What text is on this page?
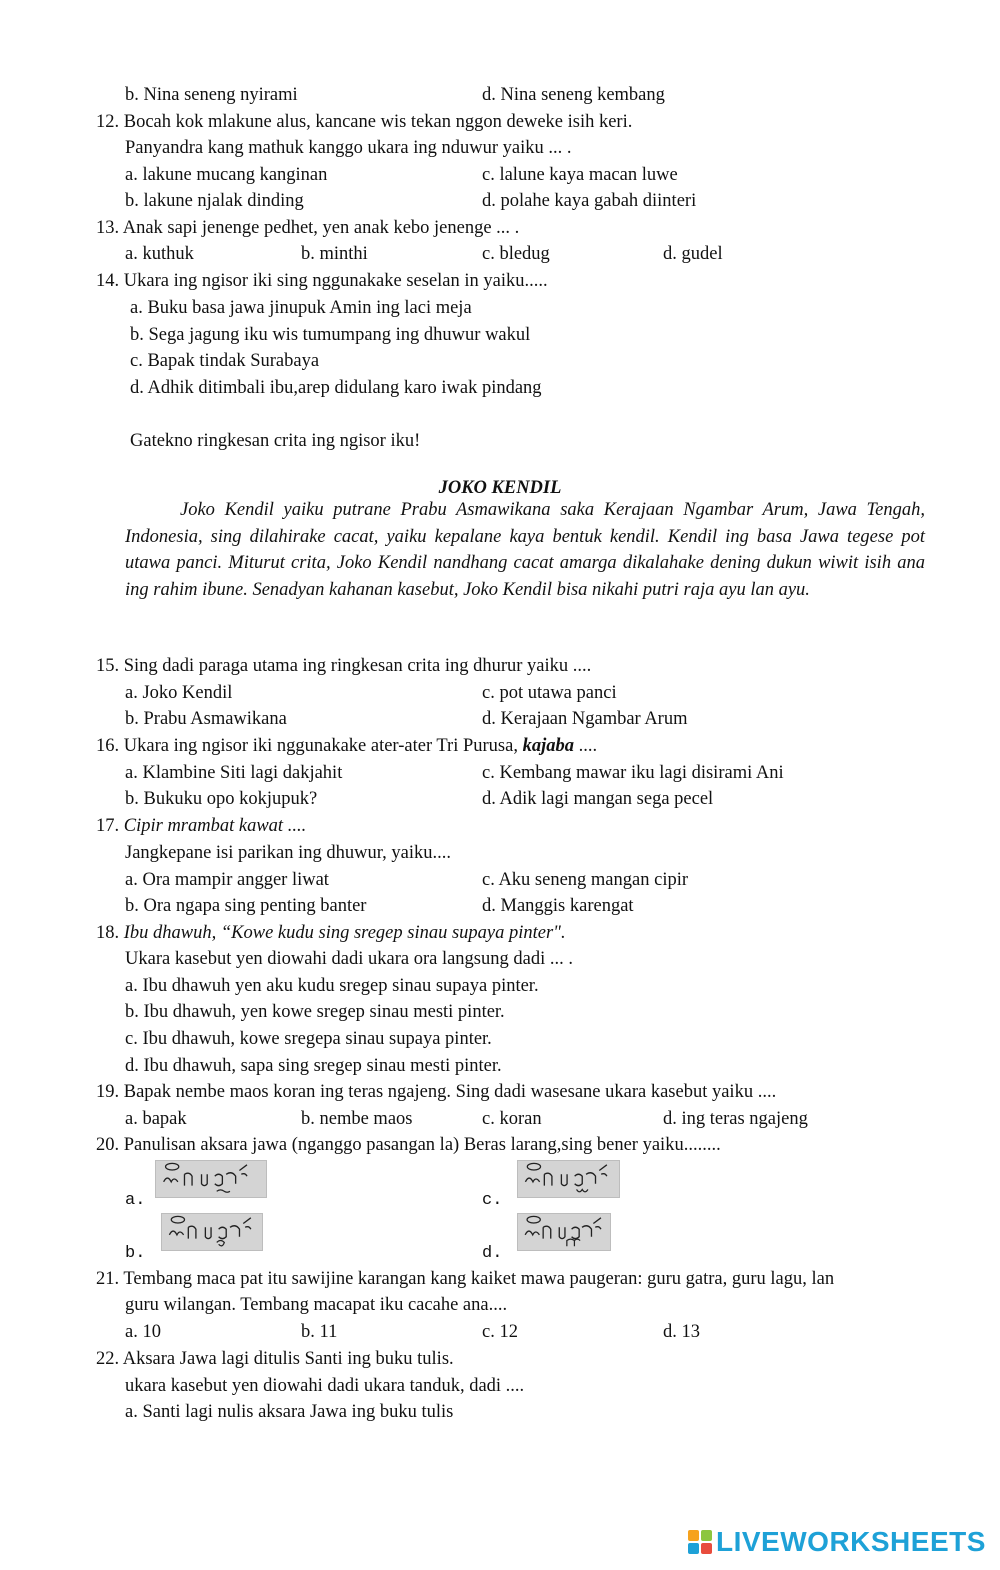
b. Nina seneng nyirami	d. Nina seneng kembang
12. Bocah kok mlakune alus, kancane wis tekan nggon deweke isih keri.
Panyandra kang mathuk kanggo ukara ing nduwur yaiku ... .
a. lakune mucang kanginan	c. lalune kaya macan luwe
b. lakune njalak dinding	d. polahe kaya gabah diinteri
13. Anak sapi jenenge pedhet, yen anak kebo jenenge ... .
a. kuthuk	b. minthi	c. bledug	d. gudel
14. Ukara ing ngisor iki sing nggunakake seselan in yaiku.....
a. Buku basa jawa jinupuk Amin ing laci meja
b. Sega jagung iku wis tumumpang ing dhuwur wakul
c. Bapak tindak Surabaya
d. Adhik ditimbali ibu,arep didulang karo iwak pindang
Gatekno ringkesan crita ing ngisor iku!
JOKO KENDIL
Joko Kendil yaiku putrane Prabu Asmawikana saka Kerajaan Ngambar Arum, Jawa Tengah, Indonesia, sing dilahirake cacat, yaiku kepalane kaya bentuk kendil. Kendil ing basa Jawa tegese pot utawa panci. Miturut crita, Joko Kendil nandhang cacat amarga dikalahake dening dukun wiwit isih ana ing rahim ibune. Senadyan kahanan kasebut, Joko Kendil bisa nikahi putri raja ayu lan ayu.
15. Sing dadi paraga utama ing ringkesan crita ing dhurur yaiku ....
a. Joko Kendil	c. pot utawa panci
b. Prabu Asmawikana	d. Kerajaan Ngambar Arum
16. Ukara ing ngisor iki nggunakake ater-ater Tri Purusa, kajaba ....
a. Klambine Siti lagi dakjahit	c. Kembang mawar iku lagi disirami Ani
b. Bukuku opo kokjupuk?	d. Adik lagi mangan sega pecel
17. Cipir mrambat kawat ....
Jangkepane isi parikan ing dhuwur, yaiku....
a. Ora mampir angger liwat	c. Aku seneng mangan cipir
b. Ora ngapa sing penting banter	d. Manggis karengat
18. Ibu dhawuh, “Kowe kudu sing sregep sinau supaya pinter".
Ukara kasebut yen diowahi dadi ukara ora langsung dadi ... .
a. Ibu dhawuh yen aku kudu sregep sinau supaya pinter.
b. Ibu dhawuh, yen kowe sregep sinau mesti pinter.
c. Ibu dhawuh, kowe sregepa sinau supaya pinter.
d. Ibu dhawuh, sapa sing sregep sinau mesti pinter.
19. Bapak nembe maos koran ing teras ngajeng. Sing dadi wasesane ukara kasebut yaiku ....
a. bapak	b. nembe maos	c. koran	d. ing teras ngajeng
20. Panulisan aksara jawa (nganggo pasangan la) Beras larang,sing bener yaiku........
a.	c.
b.	d.
21. Tembang maca pat itu sawijine karangan kang kaiket mawa paugeran: guru gatra, guru lagu, lan
guru wilangan. Tembang macapat iku cacahe ana....
a. 10	b. 11	c. 12	d. 13
22. Aksara Jawa lagi ditulis Santi ing buku tulis.
ukara kasebut yen diowahi dadi ukara tanduk, dadi ....
a. Santi lagi nulis aksara Jawa ing buku tulis
LIVEWORKSHEETS
